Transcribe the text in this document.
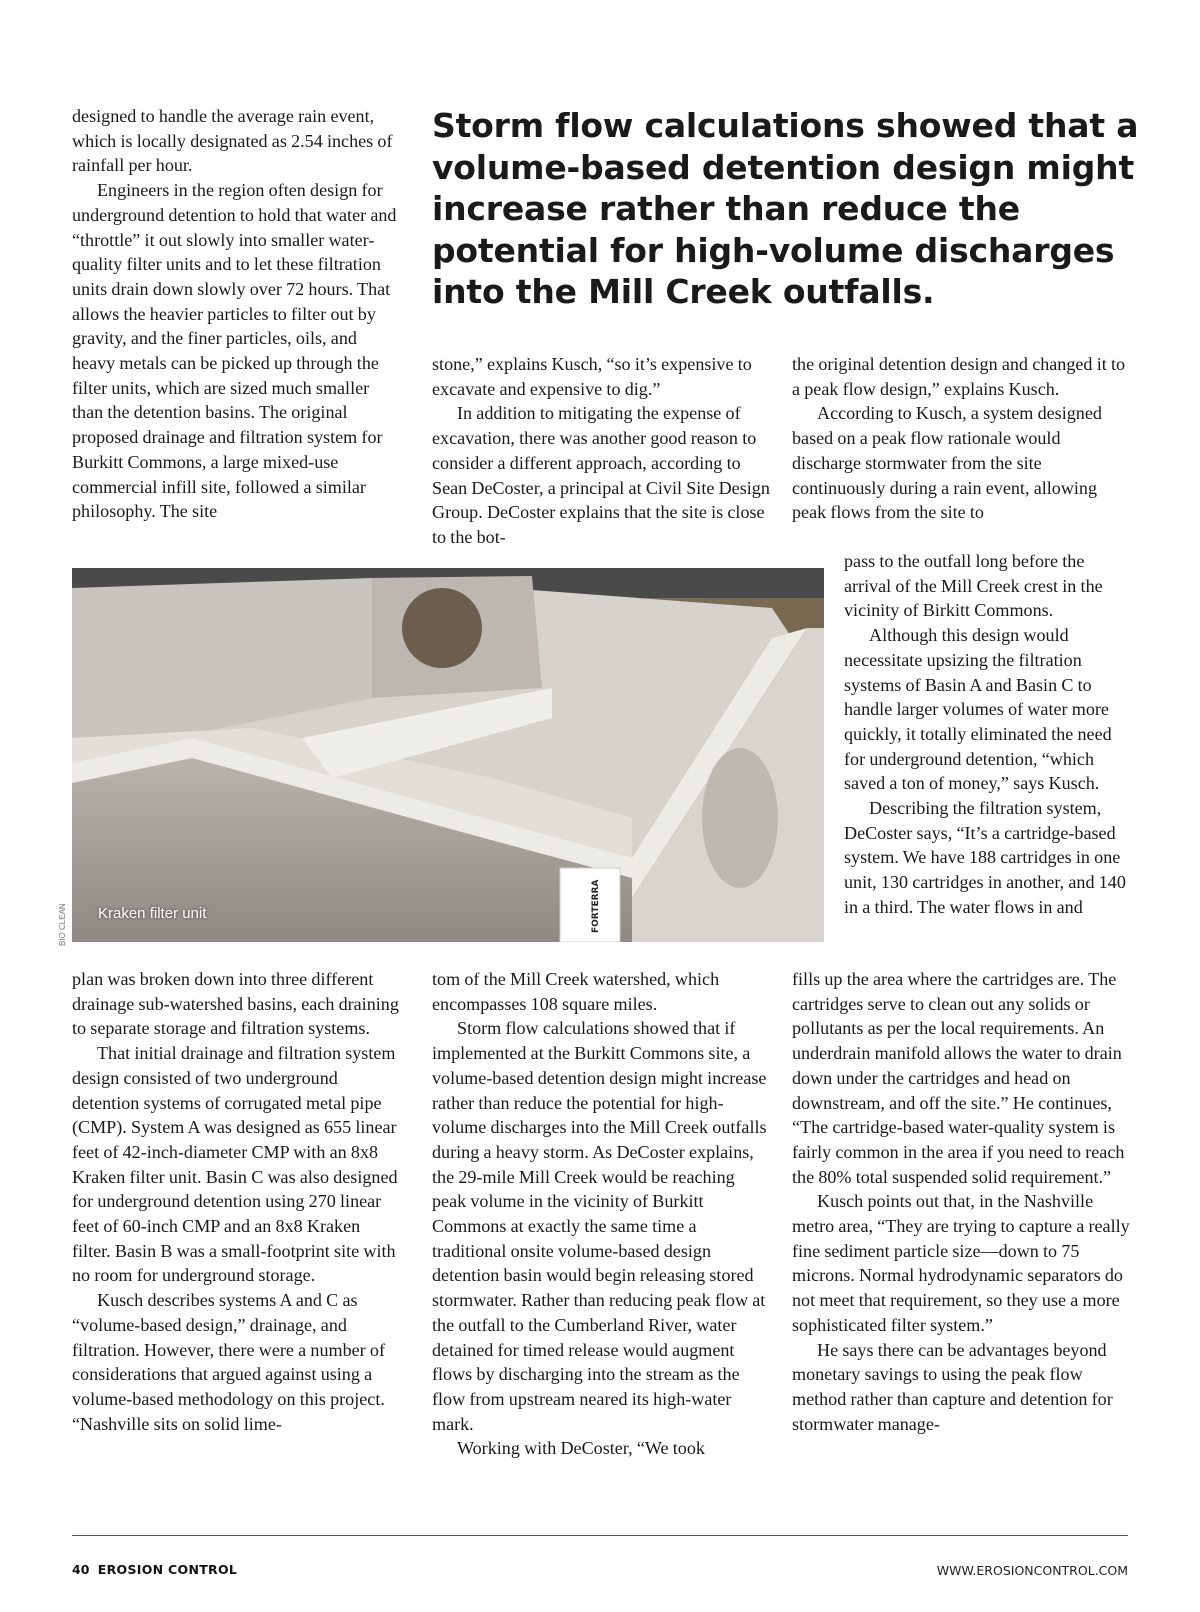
Storm flow calculations showed that a volume-based detention design might increase rather than reduce the potential for high-volume discharges into the Mill Creek outfalls.

designed to handle the average rain event, which is locally designated as 2.54 inches of rainfall per hour.

Engineers in the region often design for underground detention to hold that water and “throttle” it out slowly into smaller water-quality filter units and to let these filtration units drain down slowly over 72 hours. That allows the heavier particles to filter out by gravity, and the finer particles, oils, and heavy metals can be picked up through the filter units, which are sized much smaller than the detention basins. The original proposed drainage and filtration system for Burkitt Commons, a large mixed-use commercial infill site, followed a similar philosophy. The site

stone,” explains Kusch, “so it’s expensive to excavate and expensive to dig.”

In addition to mitigating the expense of excavation, there was another good reason to consider a different approach, according to Sean DeCoster, a principal at Civil Site Design Group. DeCoster explains that the site is close to the bot-

the original detention design and changed it to a peak flow design,” explains Kusch.

According to Kusch, a system designed based on a peak flow rationale would discharge stormwater from the site continuously during a rain event, allowing peak flows from the site to

pass to the outfall long before the arrival of the Mill Creek crest in the vicinity of Birkitt Commons.

Although this design would necessitate upsizing the filtration systems of Basin A and Basin C to handle larger volumes of water more quickly, it totally eliminated the need for underground detention, “which saved a ton of money,” says Kusch.

Describing the filtration system, DeCoster says, “It’s a cartridge-based system. We have 188 cartridges in one unit, 130 cartridges in another, and 140 in a third. The water flows in and

FORTERRA
Kraken filter unit
BIO CLEAN

plan was broken down into three different drainage sub-watershed basins, each draining to separate storage and filtration systems.

That initial drainage and filtration system design consisted of two underground detention systems of corrugated metal pipe (CMP). System A was designed as 655 linear feet of 42-inch-diameter CMP with an 8x8 Kraken filter unit. Basin C was also designed for underground detention using 270 linear feet of 60-inch CMP and an 8x8 Kraken filter. Basin B was a small-footprint site with no room for underground storage.

Kusch describes systems A and C as “volume-based design,” drainage, and filtration. However, there were a number of considerations that argued against using a volume-based methodology on this project. “Nashville sits on solid lime-

tom of the Mill Creek watershed, which encompasses 108 square miles.

Storm flow calculations showed that if implemented at the Burkitt Commons site, a volume-based detention design might increase rather than reduce the potential for high-volume discharges into the Mill Creek outfalls during a heavy storm. As DeCoster explains, the 29-mile Mill Creek would be reaching peak volume in the vicinity of Burkitt Commons at exactly the same time a traditional onsite volume-based design detention basin would begin releasing stored stormwater. Rather than reducing peak flow at the outfall to the Cumberland River, water detained for timed release would augment flows by discharging into the stream as the flow from upstream neared its high-water mark.

Working with DeCoster, “We took

fills up the area where the cartridges are. The cartridges serve to clean out any solids or pollutants as per the local requirements. An underdrain manifold allows the water to drain down under the cartridges and head on downstream, and off the site.” He continues, “The cartridge-based water-quality system is fairly common in the area if you need to reach the 80% total suspended solid requirement.”

Kusch points out that, in the Nashville metro area, “They are trying to capture a really fine sediment particle size—down to 75 microns. Normal hydrodynamic separators do not meet that requirement, so they use a more sophisticated filter system.”

He says there can be advantages beyond monetary savings to using the peak flow method rather than capture and detention for stormwater manage-

40 EROSION CONTROL	WWW.EROSIONCONTROL.COM
